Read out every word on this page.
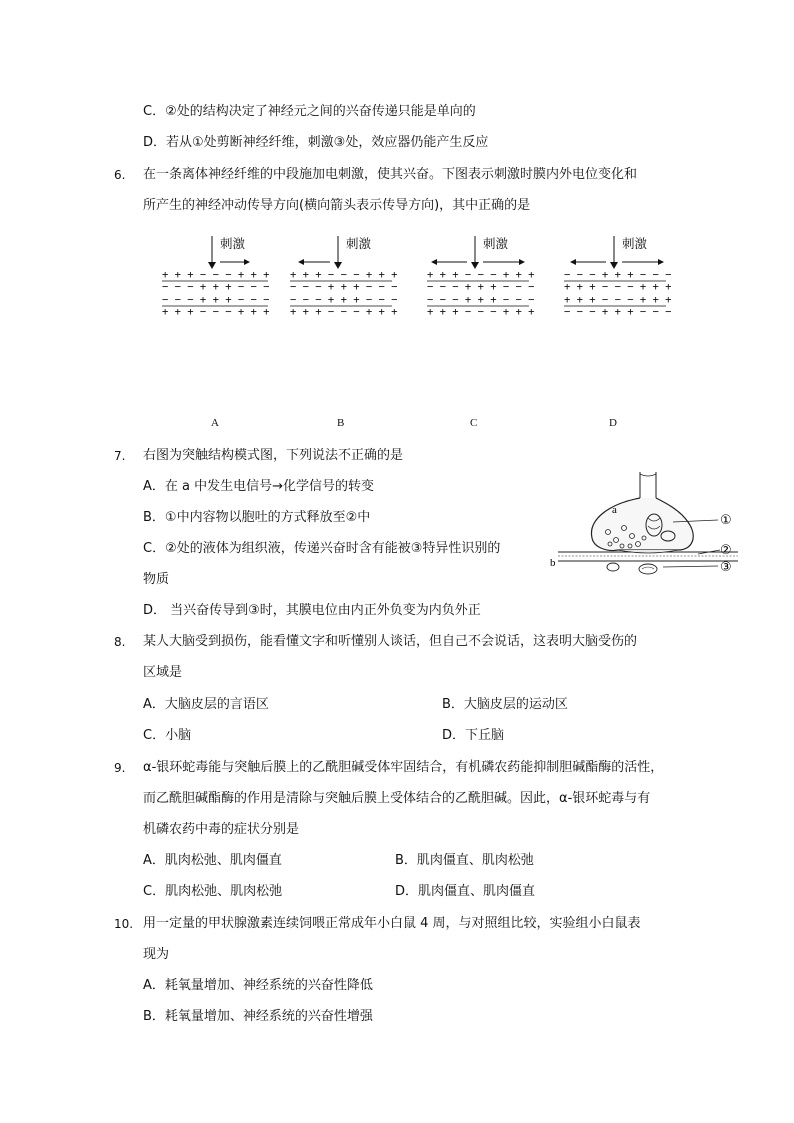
C．②处的结构决定了神经元之间的兴奋传递只能是单向的
D．若从①处剪断神经纤维，刺激③处，效应器仍能产生反应
6.	在一条离体神经纤维的中段施加电刺激，使其兴奋。下图表示刺激时膜内外电位变化和
所产生的神经冲动传导方向(横向箭头表示传导方向)，其中正确的是
刺激
+ + + − − − + + +
− − − + + + − − −
− − − + + + − − −
+ + + − − − + + +
刺激
+ + + − − − + + +
− − − + + + − − −
− − − + + + − − −
+ + + − − − + + +
刺激
+ + + − − − + + +
− − − + + + − − −
− − − + + + − − −
+ + + − − − + + +
刺激
− − − + + + − − −
+ + + − − − + + +
+ + + − − − + + +
− − − + + + − − −
A	B	C	D
7.	右图为突触结构模式图，下列说法不正确的是
A．在 a 中发生电信号→化学信号的转变
B．①中内容物以胞吐的方式释放至②中
C．②处的液体为组织液，传递兴奋时含有能被③特异性识别的
物质
D． 当兴奋传导到③时，其膜电位由内正外负变为内负外正
a
b
①
②
③
8.	某人大脑受到损伤，能看懂文字和听懂别人谈话，但自己不会说话，这表明大脑受伤的
区域是
A．大脑皮层的言语区	B．大脑皮层的运动区
C．小脑	D．下丘脑
9.	α-银环蛇毒能与突触后膜上的乙酰胆碱受体牢固结合，有机磷农药能抑制胆碱酯酶的活性，
而乙酰胆碱酯酶的作用是清除与突触后膜上受体结合的乙酰胆碱。因此，α-银环蛇毒与有
机磷农药中毒的症状分别是
A．肌肉松弛、肌肉僵直	B．肌肉僵直、肌肉松弛
C．肌肉松弛、肌肉松弛	D．肌肉僵直、肌肉僵直
10. 用一定量的甲状腺激素连续饲喂正常成年小白鼠 4 周，与对照组比较，实验组小白鼠表
现为
A．耗氧量增加、神经系统的兴奋性降低
B．耗氧量增加、神经系统的兴奋性增强
